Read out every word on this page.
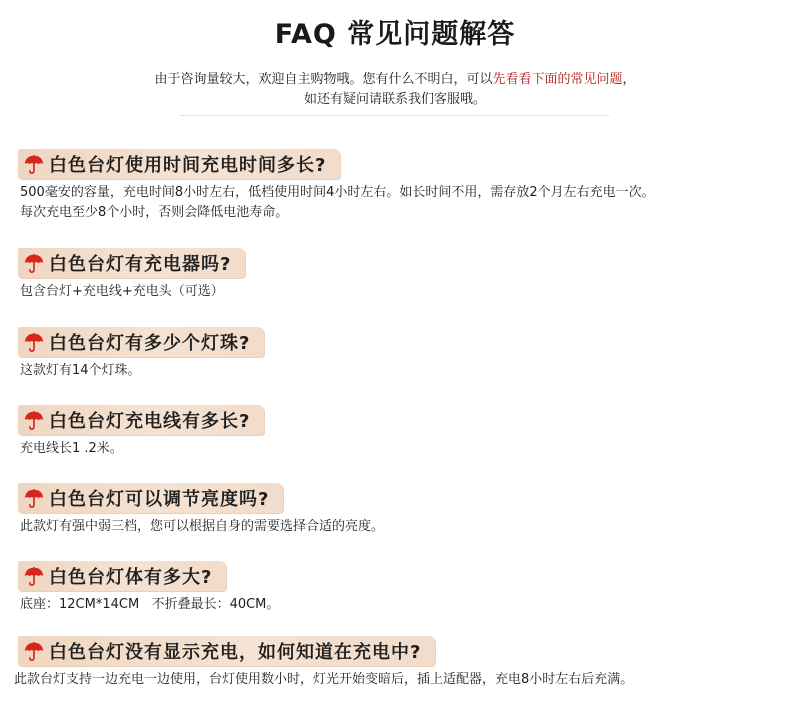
FAQ 常见问题解答
由于咨询量较大，欢迎自主购物哦。您有什么不明白，可以先看看下面的常见问题，
如还有疑问请联系我们客服哦。
白色台灯使用时间充电时间多长?
500毫安的容量，充电时间8小时左右，低档使用时间4小时左右。如长时间不用，需存放2个月左右充电一次。
每次充电至少8个小时，否则会降低电池寿命。
白色台灯有充电器吗?
包含台灯+充电线+充电头（可选）
白色台灯有多少个灯珠?
这款灯有14个灯珠。
白色台灯充电线有多长?
充电线长1 .2米。
白色台灯可以调节亮度吗?
此款灯有强中弱三档，您可以根据自身的需要选择合适的亮度。
白色台灯体有多大?
底座：12CM*14CM   不折叠最长：40CM。
白色台灯没有显示充电，如何知道在充电中?
此款台灯支持一边充电一边使用，台灯使用数小时，灯光开始变暗后，插上适配器，充电8小时左右后充满。
